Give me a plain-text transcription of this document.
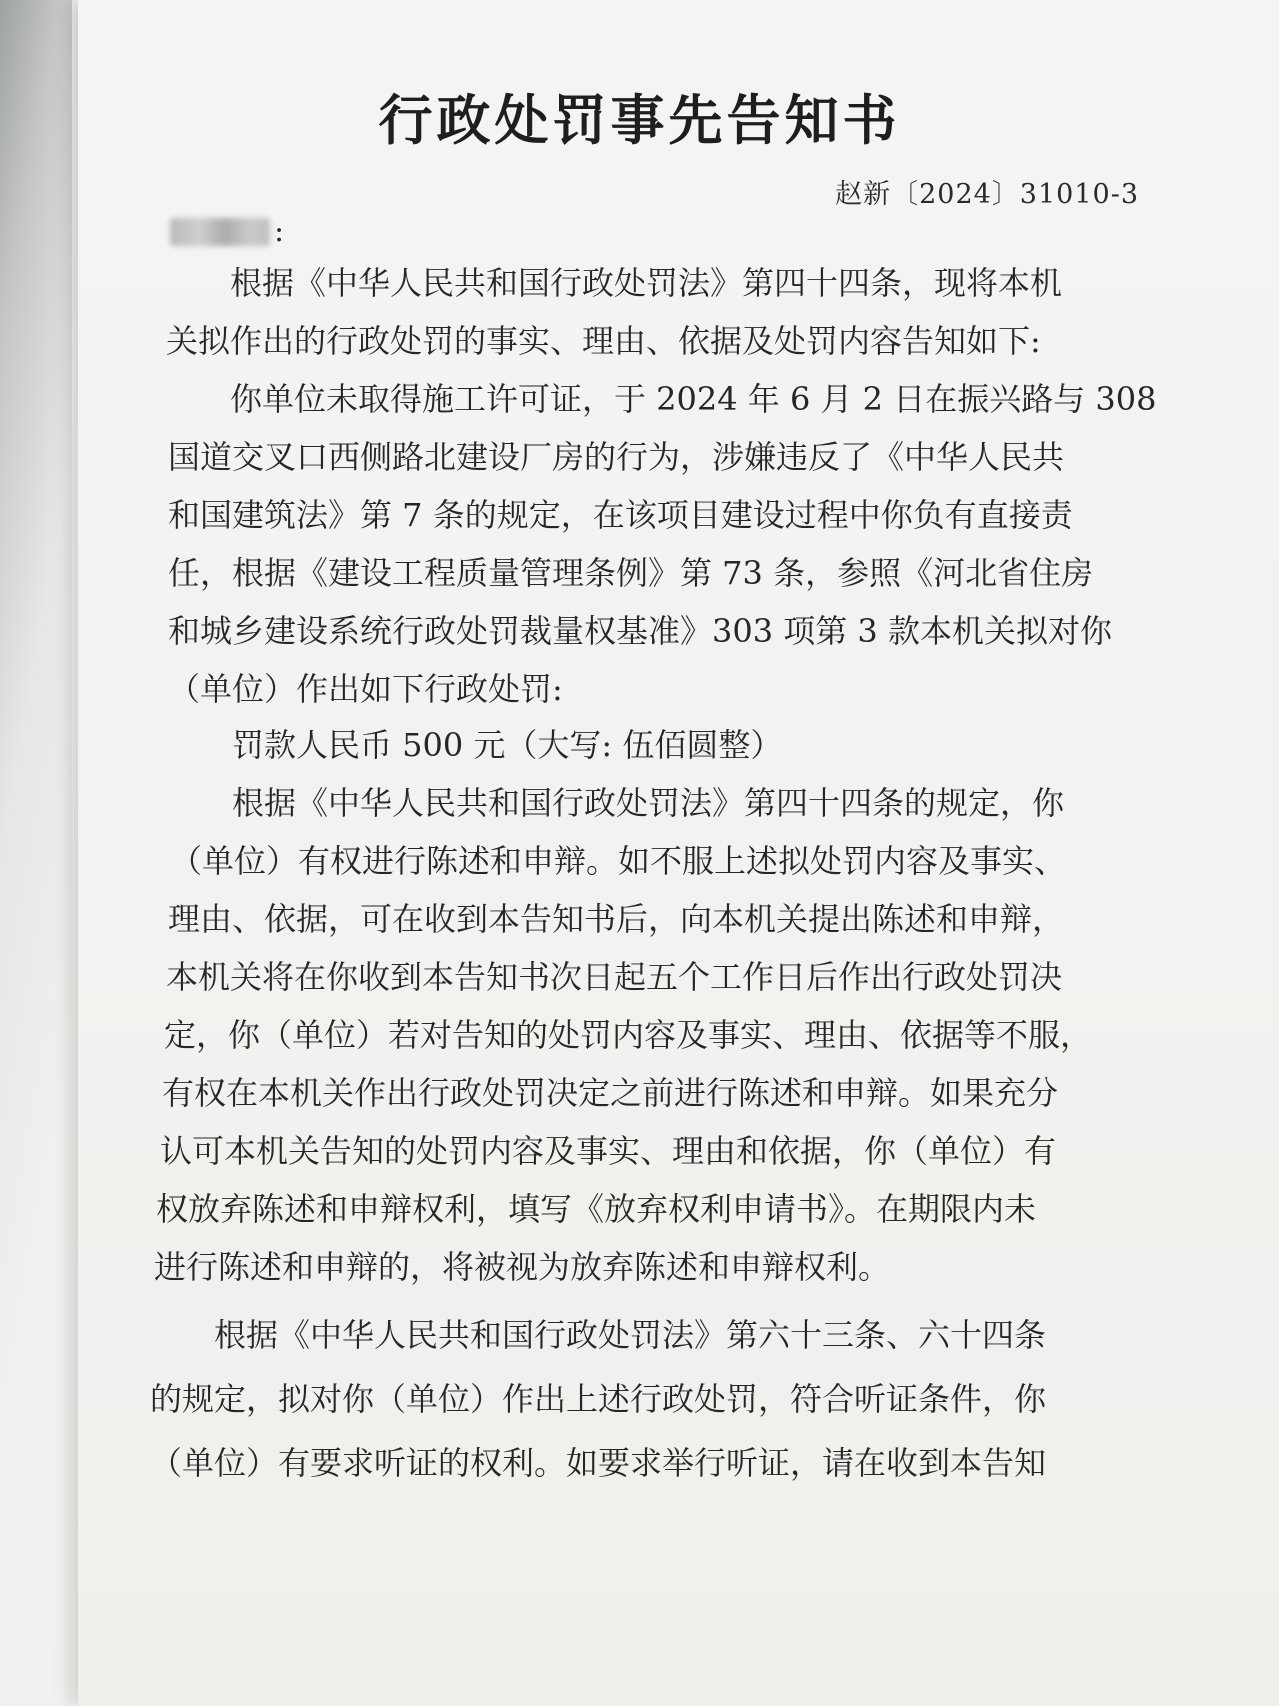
行政处罚事先告知书
赵新〔2024〕31010-3
:
根据《中华人民共和国行政处罚法》第四十四条，现将本机
关拟作出的行政处罚的事实、理由、依据及处罚内容告知如下:
你单位未取得施工许可证，于 2024 年 6 月 2 日在振兴路与 308
国道交叉口西侧路北建设厂房的行为，涉嫌违反了《中华人民共
和国建筑法》第 7 条的规定，在该项目建设过程中你负有直接责
任，根据《建设工程质量管理条例》第 73 条，参照《河北省住房
和城乡建设系统行政处罚裁量权基准》303 项第 3 款本机关拟对你
（单位）作出如下行政处罚:
罚款人民币 500 元（大写: 伍佰圆整）
根据《中华人民共和国行政处罚法》第四十四条的规定，你
（单位）有权进行陈述和申辩。如不服上述拟处罚内容及事实、
理由、依据，可在收到本告知书后，向本机关提出陈述和申辩，
本机关将在你收到本告知书次日起五个工作日后作出行政处罚决
定，你（单位）若对告知的处罚内容及事实、理由、依据等不服，
有权在本机关作出行政处罚决定之前进行陈述和申辩。如果充分
认可本机关告知的处罚内容及事实、理由和依据，你（单位）有
权放弃陈述和申辩权利，填写《放弃权利申请书》。在期限内未
进行陈述和申辩的，将被视为放弃陈述和申辩权利。
根据《中华人民共和国行政处罚法》第六十三条、六十四条
的规定，拟对你（单位）作出上述行政处罚，符合听证条件，你
（单位）有要求听证的权利。如要求举行听证，请在收到本告知
